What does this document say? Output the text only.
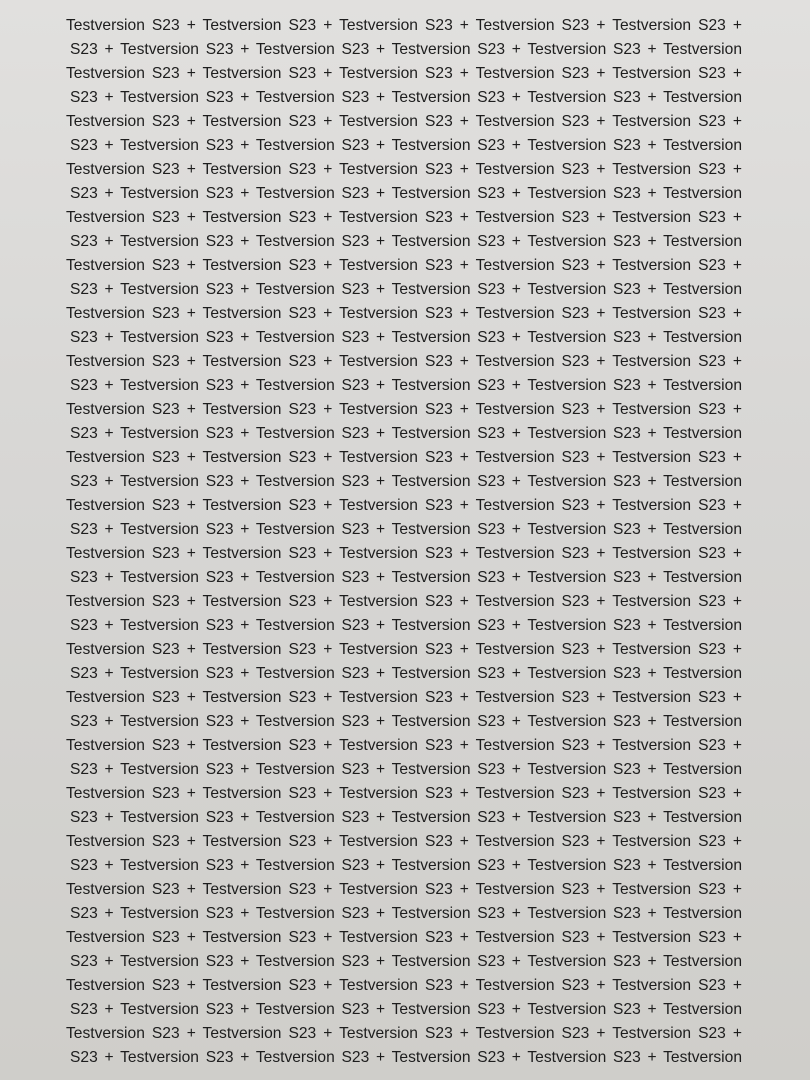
Testversion S23 + Testversion S23 + Testversion S23 + Testversion S23 + Testversion S23 +
S23 + Testversion S23 + Testversion S23 + Testversion S23 + Testversion S23 + Testversion
Testversion S23 + Testversion S23 + Testversion S23 + Testversion S23 + Testversion S23 +
S23 + Testversion S23 + Testversion S23 + Testversion S23 + Testversion S23 + Testversion
Testversion S23 + Testversion S23 + Testversion S23 + Testversion S23 + Testversion S23 +
S23 + Testversion S23 + Testversion S23 + Testversion S23 + Testversion S23 + Testversion
Testversion S23 + Testversion S23 + Testversion S23 + Testversion S23 + Testversion S23 +
S23 + Testversion S23 + Testversion S23 + Testversion S23 + Testversion S23 + Testversion
Testversion S23 + Testversion S23 + Testversion S23 + Testversion S23 + Testversion S23 +
S23 + Testversion S23 + Testversion S23 + Testversion S23 + Testversion S23 + Testversion
Testversion S23 + Testversion S23 + Testversion S23 + Testversion S23 + Testversion S23 +
S23 + Testversion S23 + Testversion S23 + Testversion S23 + Testversion S23 + Testversion
Testversion S23 + Testversion S23 + Testversion S23 + Testversion S23 + Testversion S23 +
S23 + Testversion S23 + Testversion S23 + Testversion S23 + Testversion S23 + Testversion
Testversion S23 + Testversion S23 + Testversion S23 + Testversion S23 + Testversion S23 +
S23 + Testversion S23 + Testversion S23 + Testversion S23 + Testversion S23 + Testversion
Testversion S23 + Testversion S23 + Testversion S23 + Testversion S23 + Testversion S23 +
S23 + Testversion S23 + Testversion S23 + Testversion S23 + Testversion S23 + Testversion
Testversion S23 + Testversion S23 + Testversion S23 + Testversion S23 + Testversion S23 +
S23 + Testversion S23 + Testversion S23 + Testversion S23 + Testversion S23 + Testversion
Testversion S23 + Testversion S23 + Testversion S23 + Testversion S23 + Testversion S23 +
S23 + Testversion S23 + Testversion S23 + Testversion S23 + Testversion S23 + Testversion
Testversion S23 + Testversion S23 + Testversion S23 + Testversion S23 + Testversion S23 +
S23 + Testversion S23 + Testversion S23 + Testversion S23 + Testversion S23 + Testversion
Testversion S23 + Testversion S23 + Testversion S23 + Testversion S23 + Testversion S23 +
S23 + Testversion S23 + Testversion S23 + Testversion S23 + Testversion S23 + Testversion
Testversion S23 + Testversion S23 + Testversion S23 + Testversion S23 + Testversion S23 +
S23 + Testversion S23 + Testversion S23 + Testversion S23 + Testversion S23 + Testversion
Testversion S23 + Testversion S23 + Testversion S23 + Testversion S23 + Testversion S23 +
S23 + Testversion S23 + Testversion S23 + Testversion S23 + Testversion S23 + Testversion
Testversion S23 + Testversion S23 + Testversion S23 + Testversion S23 + Testversion S23 +
S23 + Testversion S23 + Testversion S23 + Testversion S23 + Testversion S23 + Testversion
Testversion S23 + Testversion S23 + Testversion S23 + Testversion S23 + Testversion S23 +
S23 + Testversion S23 + Testversion S23 + Testversion S23 + Testversion S23 + Testversion
Testversion S23 + Testversion S23 + Testversion S23 + Testversion S23 + Testversion S23 +
S23 + Testversion S23 + Testversion S23 + Testversion S23 + Testversion S23 + Testversion
Testversion S23 + Testversion S23 + Testversion S23 + Testversion S23 + Testversion S23 +
S23 + Testversion S23 + Testversion S23 + Testversion S23 + Testversion S23 + Testversion
Testversion S23 + Testversion S23 + Testversion S23 + Testversion S23 + Testversion S23 +
S23 + Testversion S23 + Testversion S23 + Testversion S23 + Testversion S23 + Testversion
Testversion S23 + Testversion S23 + Testversion S23 + Testversion S23 + Testversion S23 +
S23 + Testversion S23 + Testversion S23 + Testversion S23 + Testversion S23 + Testversion
Testversion S23 + Testversion S23 + Testversion S23 + Testversion S23 + Testversion S23 +
S23 + Testversion S23 + Testversion S23 + Testversion S23 + Testversion S23 + Testversion
